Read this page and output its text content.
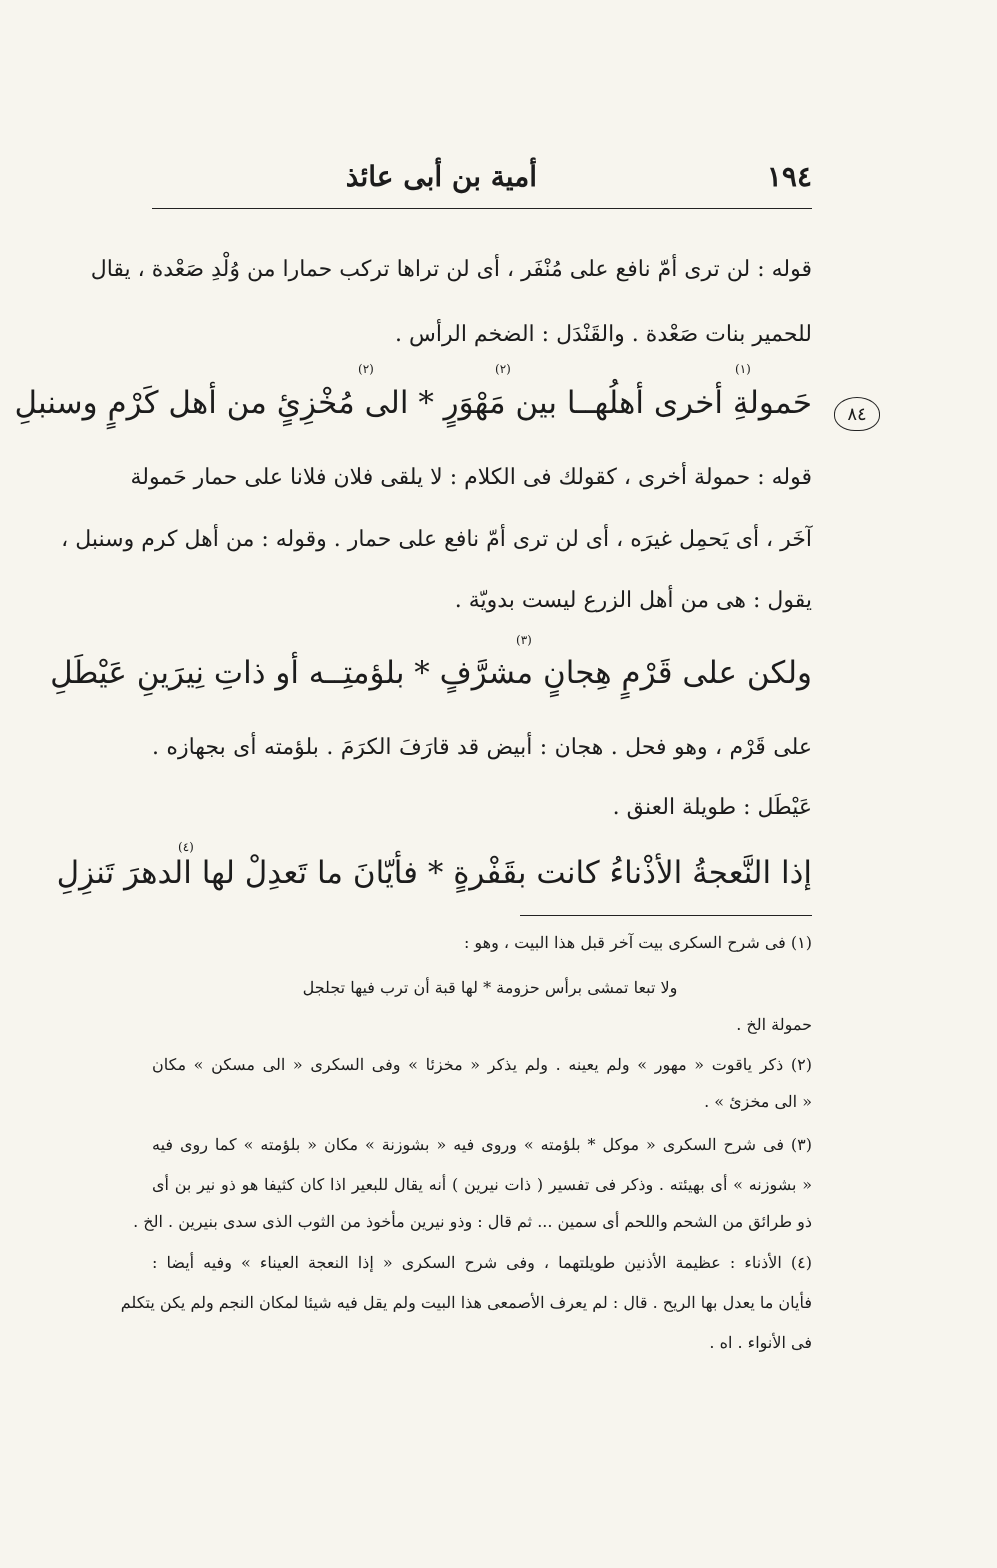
١٩٤
أمية بن أبى عائذ
قوله : لن ترى أمّ نافع على مُنْفَر ، أى لن تراها تركب حمارا من وُلْدِ صَعْدة ، يقال
للحمير بنات صَعْدة . والقَنْدَل : الضخم الرأس .
(١)
(٢)
(٢)
حَمولةِ أخرى أهلُهــا بين مَهْوَرٍ * الى مُخْزِئٍ من أهل كَرْمٍ وسنبلِ	٨٤
قوله : حمولة أخرى ، كقولك فى الكلام : لا يلقى فلان فلانا على حمار حَمولة
آخَر ، أى يَحمِل غيرَه ، أى لن ترى أمّ نافع على حمار . وقوله : من أهل كرم وسنبل ،
يقول : هى من أهل الزرع ليست بدويّة .
(٣)
ولكن على قَرْمٍ هِجانٍ مشرَّفٍ * بلؤمتِــه أو ذاتِ نِيرَينِ عَيْطَلِ
على قَرْم ، وهو فحل . هجان : أبيض قد قارَفَ الكرَمَ . بلؤمته أى بجهازه .
عَيْطَل : طويلة العنق .
(٤)
إذا النَّعجةُ الأذْناءُ كانت بقَفْرةٍ * فأيّانَ ما تَعدِلْ لها الدهرَ تَنزِلِ
(١) فى شرح السكرى بيت آخر قبل هذا البيت ، وهو :
ولا تبعا تمشى برأس حزومة * لها قبة أن ترب فيها تجلجل
حمولة الخ .
(٢) ذكر ياقوت « مهور » ولم يعينه . ولم يذكر « مخزئا » وفى السكرى « الى مسكن » مكان
« الى مخزئ » .
(٣) فى شرح السكرى « موكل * بلؤمته » وروى فيه « بشوزنة » مكان « بلؤمته » كما روى فيه
« بشوزنه » أى بهيئته . وذكر فى تفسير ( ذات نيرين ) أنه يقال للبعير اذا كان كثيفا هو ذو نير بن أى
ذو طرائق من الشحم واللحم أى سمين ... ثم قال : وذو نيرين مأخوذ من الثوب الذى سدى بنيرين . الخ .
(٤) الأذناء : عظيمة الأذنين طويلتهما ، وفى شرح السكرى « إذا النعجة العيناء » وفيه أيضا :
فأيان ما يعدل بها الريح . قال : لم يعرف الأصمعى هذا البيت ولم يقل فيه شيئا لمكان النجم ولم يكن يتكلم
فى الأنواء . اه .
